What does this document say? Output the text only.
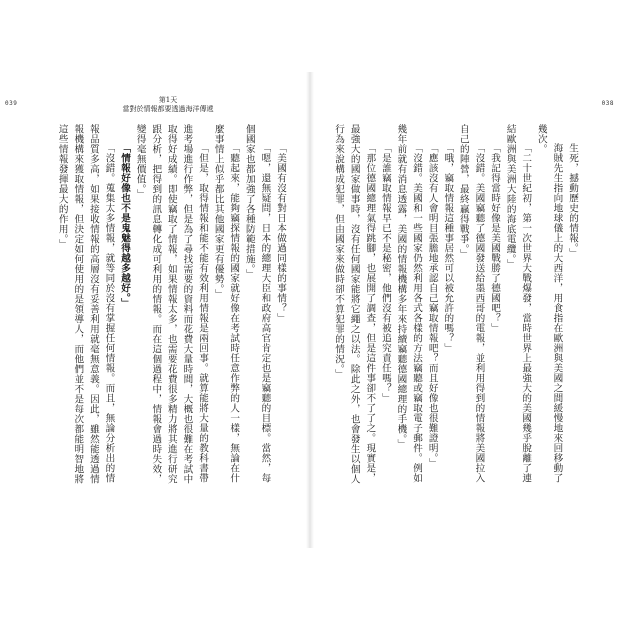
039	038
第1天
當對於情報都要透過海洋傳遞

「美國有沒有對日本做過同樣的事情？」

「嗯，還無疑問，日本的總理大臣和政府高官肯定也是竊聽的目標。當然，每個國家也都加強了各種防範措施。」

「聽起來，能夠竊探情報的國家就好像在考試時任意作弊的人一樣，無論在什麼事情上似乎都比其他國家更有優勢。」

「但是，取得情報和能不能有效利用情報是兩回事。就算能將大量的教科書帶進考場進行作弊，但是為了尋找需要的資料而花費大量時間，大概也很難在考試中取得好成績。即使竊取了情報，如果情報太多，也需要花費很多精力將其進行研究跟分析，把得到的訊息轉化成可利用的情報。而在這個過程中，情報會過時失效，變得毫無價值。」

「情報好像也不是鬼魅得越多越好。」

「沒錯。蒐集太多情報，就等同於沒有掌握任何情報。而且，無論分析出的情報品質多高，如果接收情報的高層沒有妥善利用就毫無意義。因此，雖然能透過情報機構來獲取情報，但決定如何使用的是領導人，而他們並不是每次都能明智地將這些情報發揮最大的作用。」	生死，撼動歷史的情報。」

海賊先生指向地球儀上的大西洋，用食指在歐洲與美國之間緩慢地來回移動了幾次。

「二十世紀初，第一次世界大戰爆發，當時世界上最強大的美國幾乎脫離了連結歐洲與美洲大陸的海底電纜。」

「我記得當時好像是美國戰勝了德國吧？」

「沒錯。美國竊聽了德國發送給墨西哥的電報，並利用得到的情報將美國拉入自己的陣營，最終贏得戰爭。」

「哦，竊取情報這種事居然可以被允許的嗎？」

「應該沒有人會明目張膽地承認自己竊取情報吧？而且好像也很難證明。」

「沒錯。美國和一些國家仍然利用各式各樣的方法竊聽或竊取電子郵件。例如幾年前就有消息透露，美國的情報機構多年來持續竊聽德國總理的手機。」

「是誰竊取情報早已不是秘密，他們沒有被追究責任嗎？」

「那位德國總理氣得跳腳，也展開了調查，但是這件事卻不了了之。現實是，最強大的國家做事時，沒有任何國家能將它繩之以法。除此之外，也會發生以個人行為來說構成犯罪，但由國家來做時卻不算犯罪的情況。」
